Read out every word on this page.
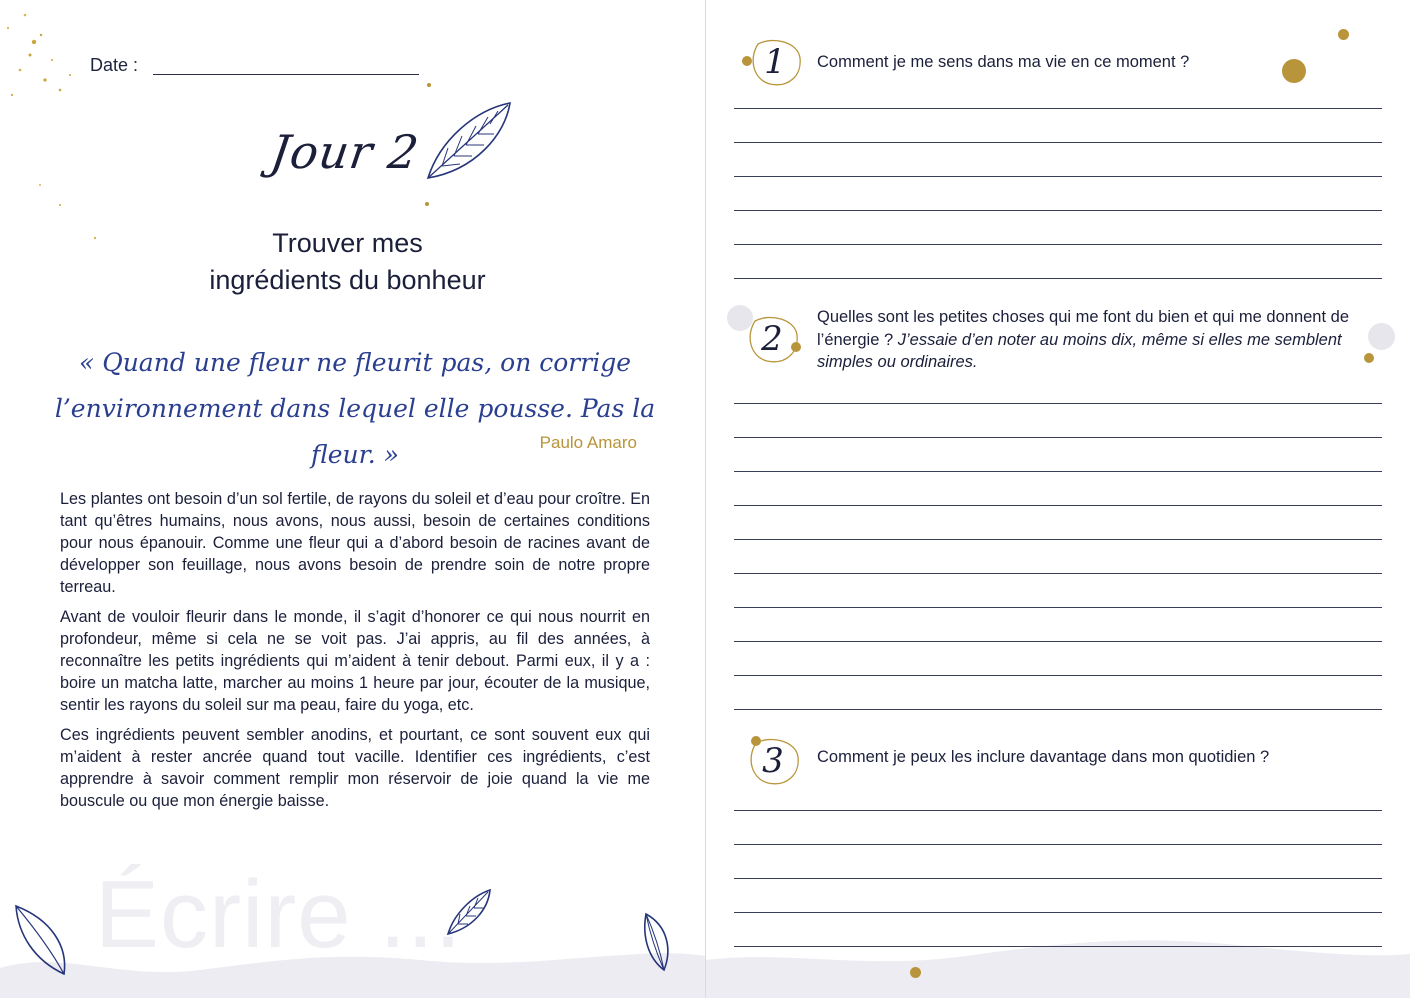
Date :
Jour 2
Trouver mes
ingrédients du bonheur
« Quand une fleur ne fleurit pas, on corrige
l’environnement dans lequel elle pousse. Pas la fleur. »	Paulo Amaro

Les plantes ont besoin d’un sol fertile, de rayons du soleil et d’eau pour croître. En tant qu’êtres humains, nous avons, nous aussi, besoin de certaines conditions pour nous épanouir. Comme une fleur qui a d’abord besoin de racines avant de développer son feuillage, nous avons besoin de prendre soin de notre propre terreau.

Avant de vouloir fleurir dans le monde, il s’agit d’honorer ce qui nous nourrit en profondeur, même si cela ne se voit pas. J’ai appris, au fil des années, à reconnaître les petits ingrédients qui m’aident à tenir debout. Parmi eux, il y a : boire un matcha latte, marcher au moins 1 heure par jour, écouter de la musique, sentir les rayons du soleil sur ma peau, faire du yoga, etc.

Ces ingrédients peuvent sembler anodins, et pourtant, ce sont souvent eux qui m’aident à rester ancrée quand tout vacille. Identifier ces ingrédients, c’est apprendre à savoir comment remplir mon réservoir de joie quand la vie me bouscule ou que mon énergie baisse.

Écrire ...
1	Comment je me sens dans ma vie en ce moment ?
2
Quelles sont les petites choses qui me font du bien et qui me donnent de l’énergie ? J’essaie d’en noter au moins dix, même si elles me semblent simples ou ordinaires.
3	Comment je peux les inclure davantage dans mon quotidien ?
